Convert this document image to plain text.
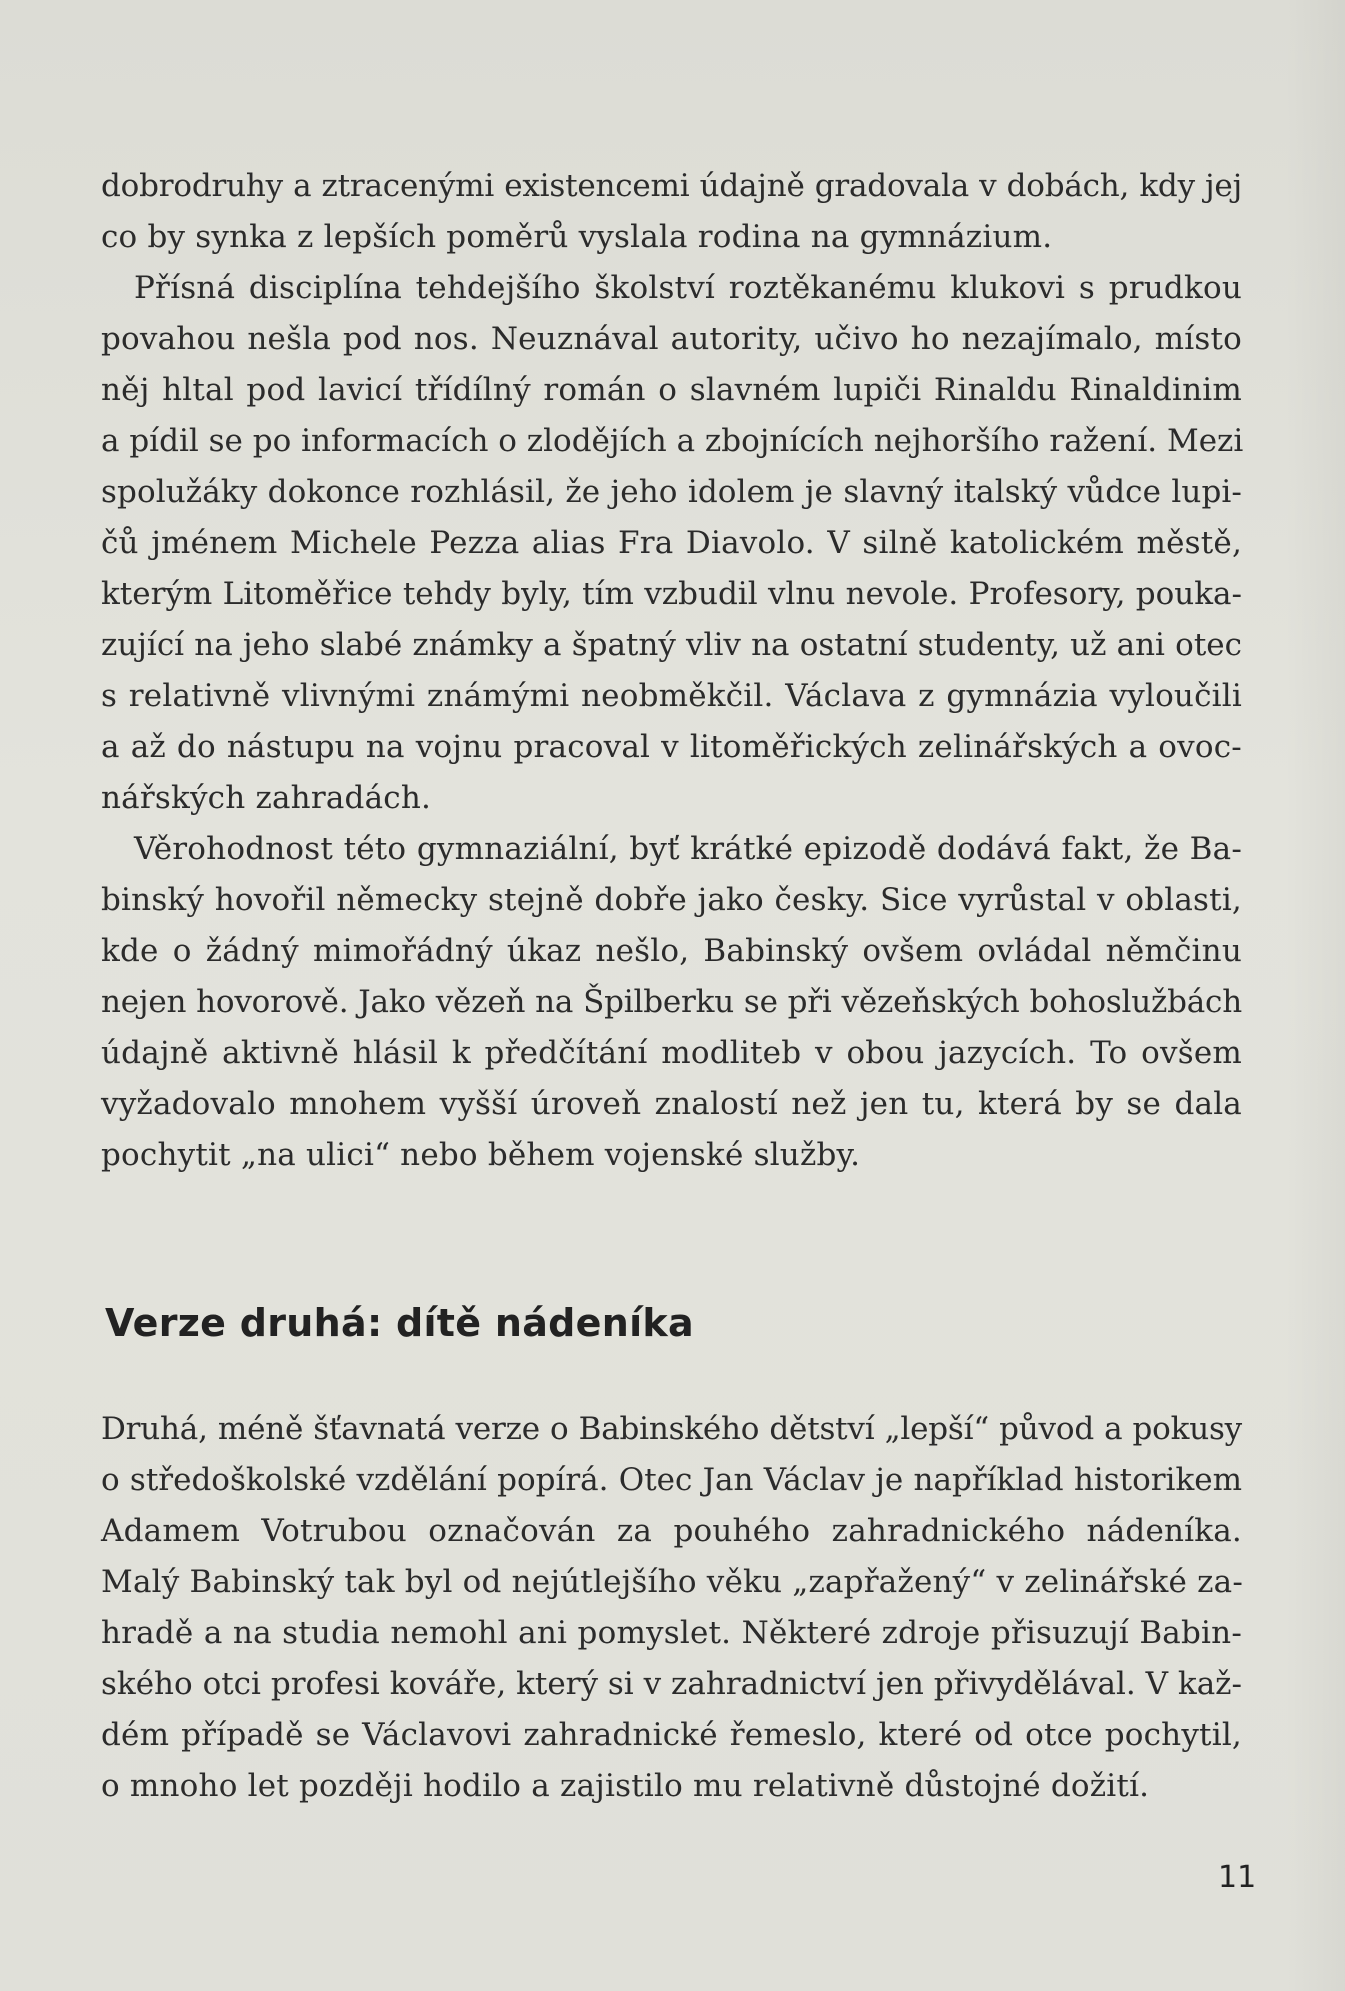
dobrodruhy a ztracenými existencemi údajně gradovala v dobách, kdy jej
co by synka z lepších poměrů vyslala rodina na gymnázium.
Přísná disciplína tehdejšího školství roztěkanému klukovi s prudkou
povahou nešla pod nos. Neuznával autority, učivo ho nezajímalo, místo
něj hltal pod lavicí třídílný román o slavném lupiči Rinaldu Rinaldinim
a pídil se po informacích o zlodějích a zbojnících nejhoršího ražení. Mezi
spolužáky dokonce rozhlásil, že jeho idolem je slavný italský vůdce lupi-
čů jménem Michele Pezza alias Fra Diavolo. V silně katolickém městě,
kterým Litoměřice tehdy byly, tím vzbudil vlnu nevole. Profesory, pouka-
zující na jeho slabé známky a špatný vliv na ostatní studenty, už ani otec
s relativně vlivnými známými neobměkčil. Václava z gymnázia vyloučili
a až do nástupu na vojnu pracoval v litoměřických zelinářských a ovoc-
nářských zahradách.
Věrohodnost této gymnaziální, byť krátké epizodě dodává fakt, že Ba-
binský hovořil německy stejně dobře jako česky. Sice vyrůstal v oblasti,
kde o žádný mimořádný úkaz nešlo, Babinský ovšem ovládal němčinu
nejen hovorově. Jako vězeň na Špilberku se při vězeňských bohoslužbách
údajně aktivně hlásil k předčítání modliteb v obou jazycích. To ovšem
vyžadovalo mnohem vyšší úroveň znalostí než jen tu, která by se dala
pochytit „na ulici“ nebo během vojenské služby.
Verze druhá: dítě nádeníka
Druhá, méně šťavnatá verze o Babinského dětství „lepší“ původ a pokusy
o středoškolské vzdělání popírá. Otec Jan Václav je například historikem
Adamem Votrubou označován za pouhého zahradnického nádeníka.
Malý Babinský tak byl od nejútlejšího věku „zapřažený“ v zelinářské za-
hradě a na studia nemohl ani pomyslet. Některé zdroje přisuzují Babin-
ského otci profesi kováře, který si v zahradnictví jen přivydělával. V kaž-
dém případě se Václavovi zahradnické řemeslo, které od otce pochytil,
o mnoho let později hodilo a zajistilo mu relativně důstojné dožití.
11
